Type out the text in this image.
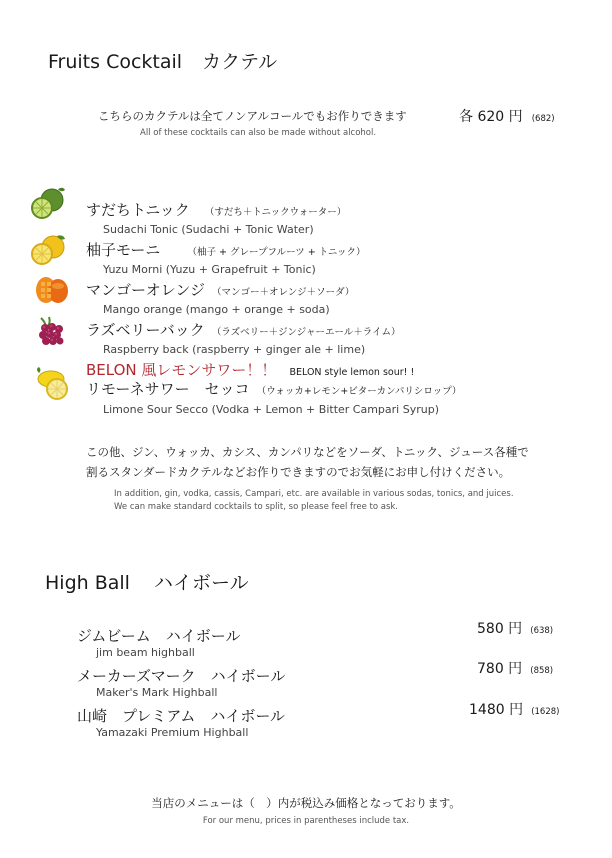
Fruits Cocktail カクテル
こちらのカクテルは全てノンアルコールでもお作りできます
All of these cocktails can also be made without alcohol.
各 620 円 (682)
すだちトニック （すだち＋トニックウォーター）
Sudachi Tonic (Sudachi + Tonic Water)
柚子モーニ	（柚子 + グレープフルーツ + トニック）
Yuzu Morni (Yuzu + Grapefruit + Tonic)
マンゴーオレンジ （マンゴー＋オレンジ＋ソーダ）
Mango orange (mango + orange + soda)
ラズベリーバック （ラズベリー＋ジンジャーエール＋ライム）
Raspberry back (raspberry + ginger ale + lime)
BELON 風レモンサワー！！ BELON style lemon sour! !
リモーネサワー　セッコ （ウォッカ+レモン+ビターカンパリシロップ）
Limone Sour Secco (Vodka + Lemon + Bitter Campari Syrup)
この他、ジン、ウォッカ、カシス、カンパリなどをソーダ、トニック、ジュース各種で
割るスタンダードカクテルなどお作りできますのでお気軽にお申し付けください。
In addition, gin, vodka, cassis, Campari, etc. are available in various sodas, tonics, and juices.
We can make standard cocktails to split, so please feel free to ask.
High Ball ハイボール
ジムビーム　ハイボール
jim beam highball
580 円 (638)
メーカーズマーク　ハイボール
Maker's Mark Highball
780 円 (858)
山崎　プレミアム　ハイボール
Yamazaki Premium Highball
1480 円 (1628)
当店のメニューは（　）内が税込み価格となっております。
For our menu, prices in parentheses include tax.
